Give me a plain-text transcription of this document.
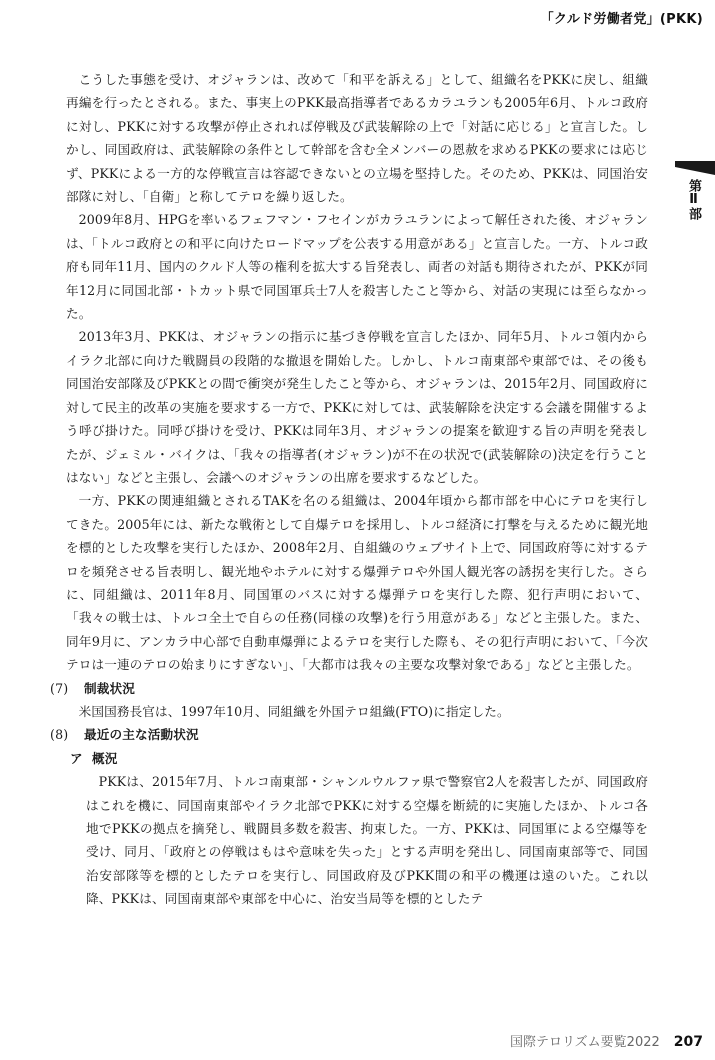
「クルド労働者党」(PKK)
第Ⅱ部

こうした事態を受け、オジャランは、改めて「和平を訴える」として、組織名をPKKに戻し、組織再編を行ったとされる。また、事実上のPKK最高指導者であるカラユランも2005年6月、トルコ政府に対し、PKKに対する攻撃が停止されれば停戦及び武装解除の上で「対話に応じる」と宣言した。しかし、同国政府は、武装解除の条件として幹部を含む全メンバーの恩赦を求めるPKKの要求には応じず、PKKによる一方的な停戦宣言は容認できないとの立場を堅持した。そのため、PKKは、同国治安部隊に対し、「自衛」と称してテロを繰り返した。

2009年8月、HPGを率いるフェフマン・フセインがカラユランによって解任された後、オジャランは、「トルコ政府との和平に向けたロードマップを公表する用意がある」と宣言した。一方、トルコ政府も同年11月、国内のクルド人等の権利を拡大する旨発表し、両者の対話も期待されたが、PKKが同年12月に同国北部・トカット県で同国軍兵士7人を殺害したこと等から、対話の実現には至らなかった。

2013年3月、PKKは、オジャランの指示に基づき停戦を宣言したほか、同年5月、トルコ領内からイラク北部に向けた戦闘員の段階的な撤退を開始した。しかし、トルコ南東部や東部では、その後も同国治安部隊及びPKKとの間で衝突が発生したこと等から、オジャランは、2015年2月、同国政府に対して民主的改革の実施を要求する一方で、PKKに対しては、武装解除を決定する会議を開催するよう呼び掛けた。同呼び掛けを受け、PKKは同年3月、オジャランの提案を歓迎する旨の声明を発表したが、ジェミル・バイクは、「我々の指導者(オジャラン)が不在の状況で(武装解除の)決定を行うことはない」などと主張し、会議へのオジャランの出席を要求するなどした。

一方、PKKの関連組織とされるTAKを名のる組織は、2004年頃から都市部を中心にテロを実行してきた。2005年には、新たな戦術として自爆テロを採用し、トルコ経済に打撃を与えるために観光地を標的とした攻撃を実行したほか、2008年2月、自組織のウェブサイト上で、同国政府等に対するテロを頻発させる旨表明し、観光地やホテルに対する爆弾テロや外国人観光客の誘拐を実行した。さらに、同組織は、2011年8月、同国軍のバスに対する爆弾テロを実行した際、犯行声明において、「我々の戦士は、トルコ全土で自らの任務(同様の攻撃)を行う用意がある」などと主張した。また、同年9月に、アンカラ中心部で自動車爆弾によるテロを実行した際も、その犯行声明において、「今次テロは一連のテロの始まりにすぎない」、「大都市は我々の主要な攻撃対象である」などと主張した。

(7) 制裁状況

米国国務長官は、1997年10月、同組織を外国テロ組織(FTO)に指定した。

(8) 最近の主な活動状況
ア 概況

PKKは、2015年7月、トルコ南東部・シャンルウルファ県で警察官2人を殺害したが、同国政府はこれを機に、同国南東部やイラク北部でPKKに対する空爆を断続的に実施したほか、トルコ各地でPKKの拠点を摘発し、戦闘員多数を殺害、拘束した。一方、PKKは、同国軍による空爆等を受け、同月、「政府との停戦はもはや意味を失った」とする声明を発出し、同国南東部等で、同国治安部隊等を標的としたテロを実行し、同国政府及びPKK間の和平の機運は遠のいた。これ以降、PKKは、同国南東部や東部を中心に、治安当局等を標的としたテ

国際テロリズム要覧2022 207
